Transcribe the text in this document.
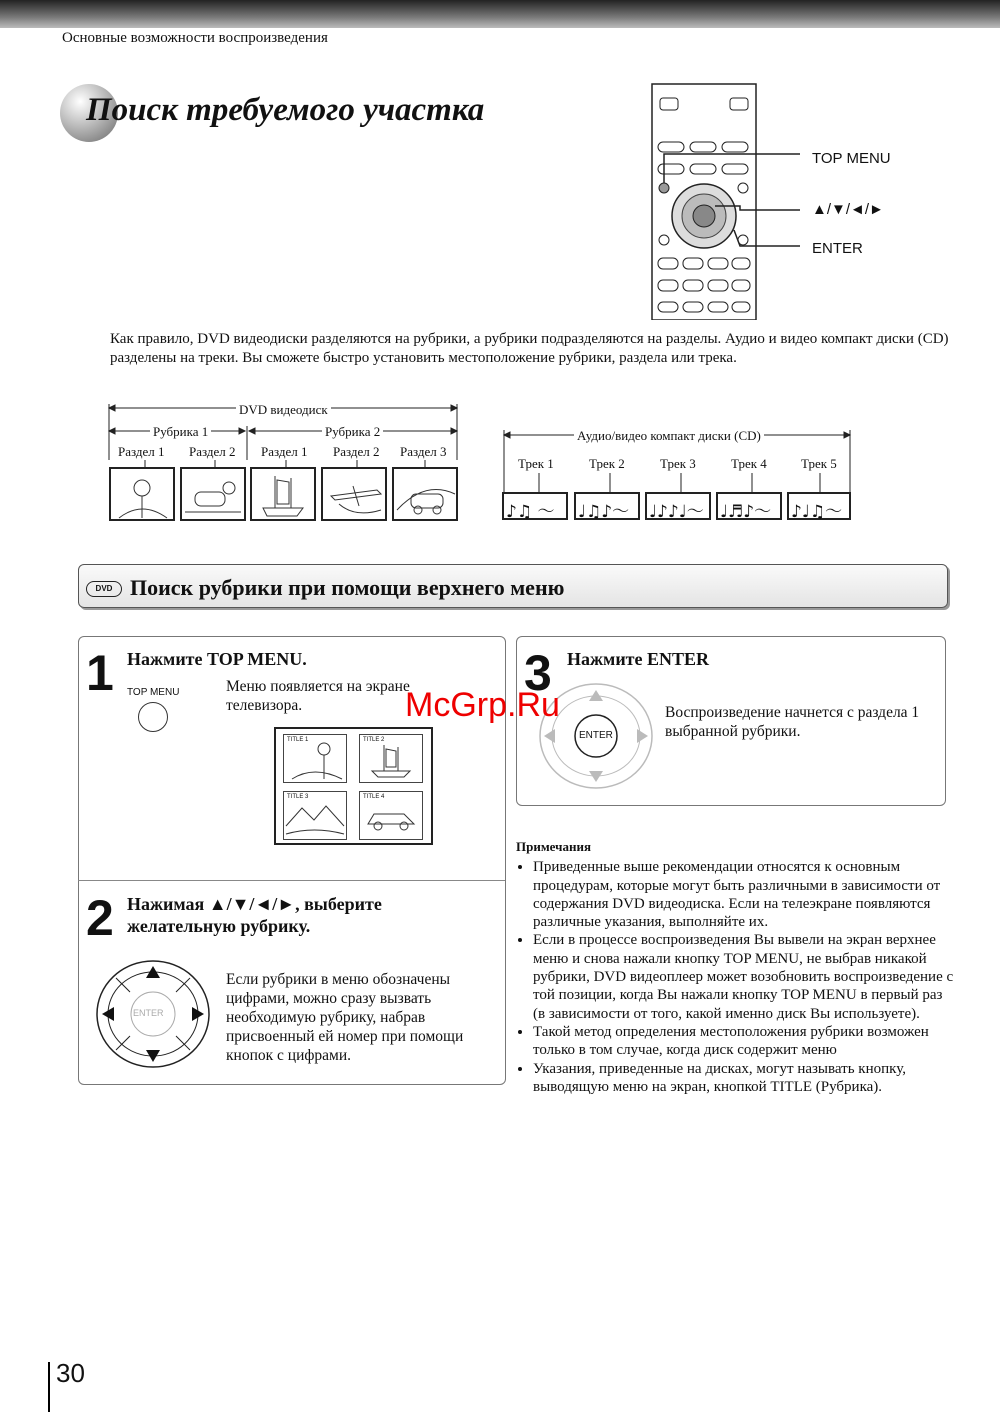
Основные возможности воспроизведения
Поиск требуемого участка
TOP MENU
▲/▼/◄/►
ENTER
Как правило, DVD видеодиски разделяются на рубрики, а рубрики подразделяются на разделы. Аудио и видео компакт диски (CD) разделены на треки. Вы сможете быстро установить местоположение рубрики, раздела или трека.
DVD видеодиск
Рубрика 1	Рубрика 2
Раздел 1 Раздел 2 Раздел 1 Раздел 2 Раздел 3
Аудио/видео компакт диски (CD)
Трек 1	Трек 2	Трек 3	Трек 4	Трек 5
♪♫ ～ ♩♫♪～ ♩♪♪♩～ ♩♬♪～ ♪♩♫～
DVD Поиск рубрики при помощи верхнего меню
1 Нажмите TOP MENU.
TOP MENU	Меню появляется на экране телевизора.
TITLE 1	TITLE 2
TITLE 3	TITLE 4
2 Нажимая ▲/▼/◄/►, выберите
желательную рубрику.
ENTER
Если рубрики в меню обозначены цифрами, можно сразу вызвать необходимую рубрику, набрав присвоенный ей номер при помощи кнопок с цифрами.
3 Нажмите ENTER
ENTER
Воспроизведение начнется с раздела 1 выбранной рубрики.
McGrp.Ru
Примечания
• Приведенные выше рекомендации относятся к основным процедурам, которые могут быть различными в зависимости от содержания DVD видеодиска. Если на телеэкране появляются различные указания, выполняйте их.
• Если в процессе воспроизведения Вы вывели на экран верхнее меню и снова нажали кнопку TOP MENU, не выбрав никакой рубрики, DVD видеоплеер может возобновить воспроизведение с той позиции, когда Вы нажали кнопку TOP MENU в первый раз (в зависимости от того, какой именно диск Вы используете).
• Такой метод определения местоположения рубрики возможен только в том случае, когда диск содержит меню
• Указания, приведенные на дисках, могут называть кнопку, выводящую меню на экран, кнопкой TITLE (Рубрика).
30
